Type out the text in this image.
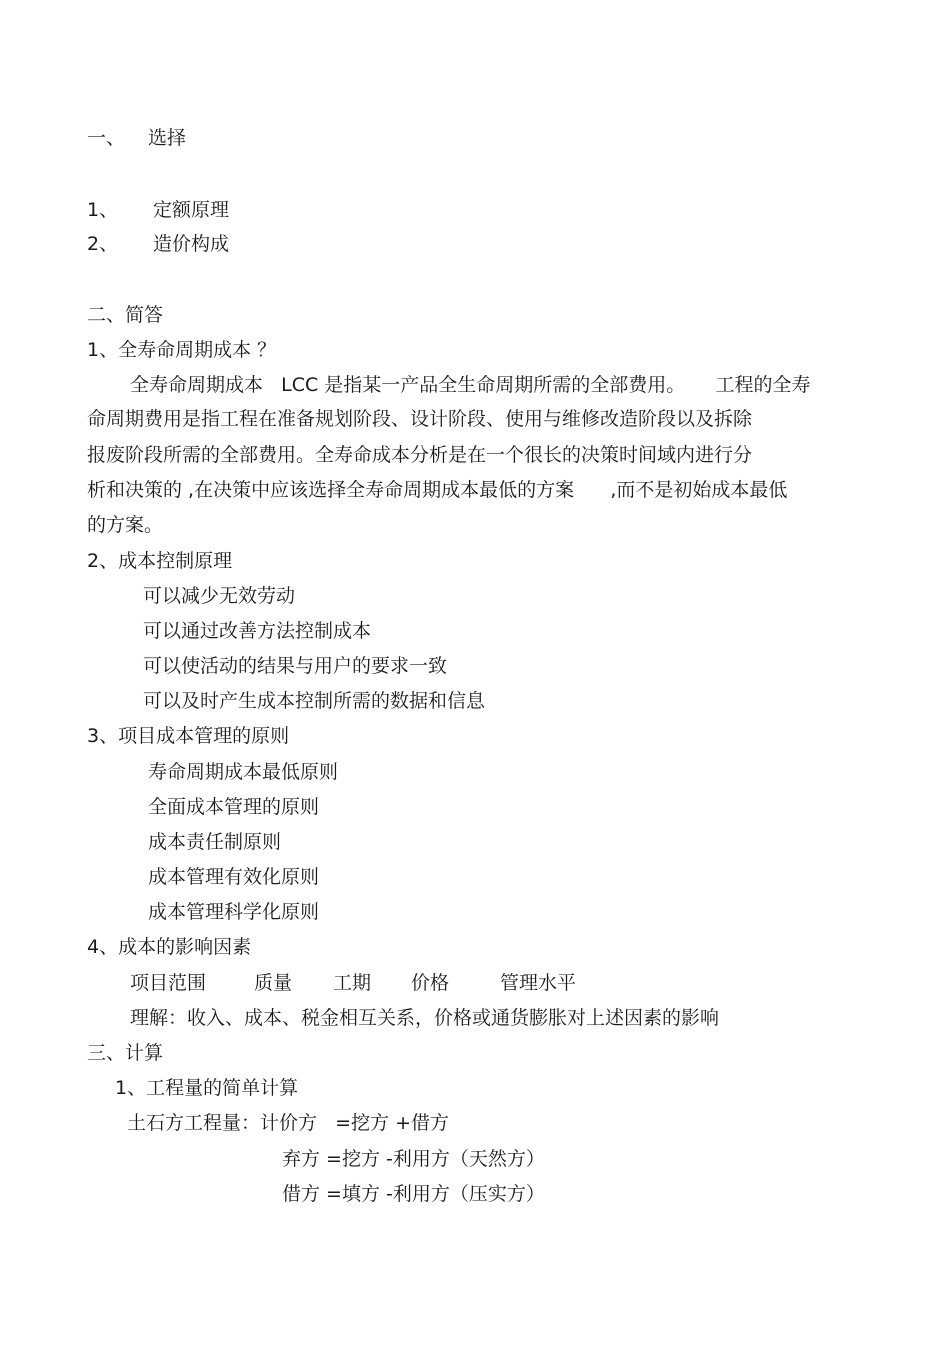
一、 选择
1、 定额原理
2、 造价构成
二、简答
1、全寿命周期成本 ？
全寿命周期成本   LCC 是指某一产品全生命周期所需的全部费用。     工程的全寿
命周期费用是指工程在准备规划阶段、设计阶段、使用与维修改造阶段以及拆除
报废阶段所需的全部费用。全寿命成本分析是在一个很长的决策时间域内进行分
析和决策的 ,在决策中应该选择全寿命周期成本最低的方案      ,而不是初始成本最低
的方案。
2、成本控制原理
可以减少无效劳动
可以通过改善方法控制成本
可以使活动的结果与用户的要求一致
可以及时产生成本控制所需的数据和信息
3、项目成本管理的原则
寿命周期成本最低原则
全面成本管理的原则
成本责任制原则
成本管理有效化原则
成本管理科学化原则
4、成本的影响因素
项目范围	质量 工期 价格	管理水平
理解：收入、成本、税金相互关系，价格或通货膨胀对上述因素的影响
三、计算
1、工程量的简单计算
土石方工程量：计价方   =挖方 +借方
弃方 =挖方 -利用方（天然方）
借方 =填方 -利用方（压实方）
